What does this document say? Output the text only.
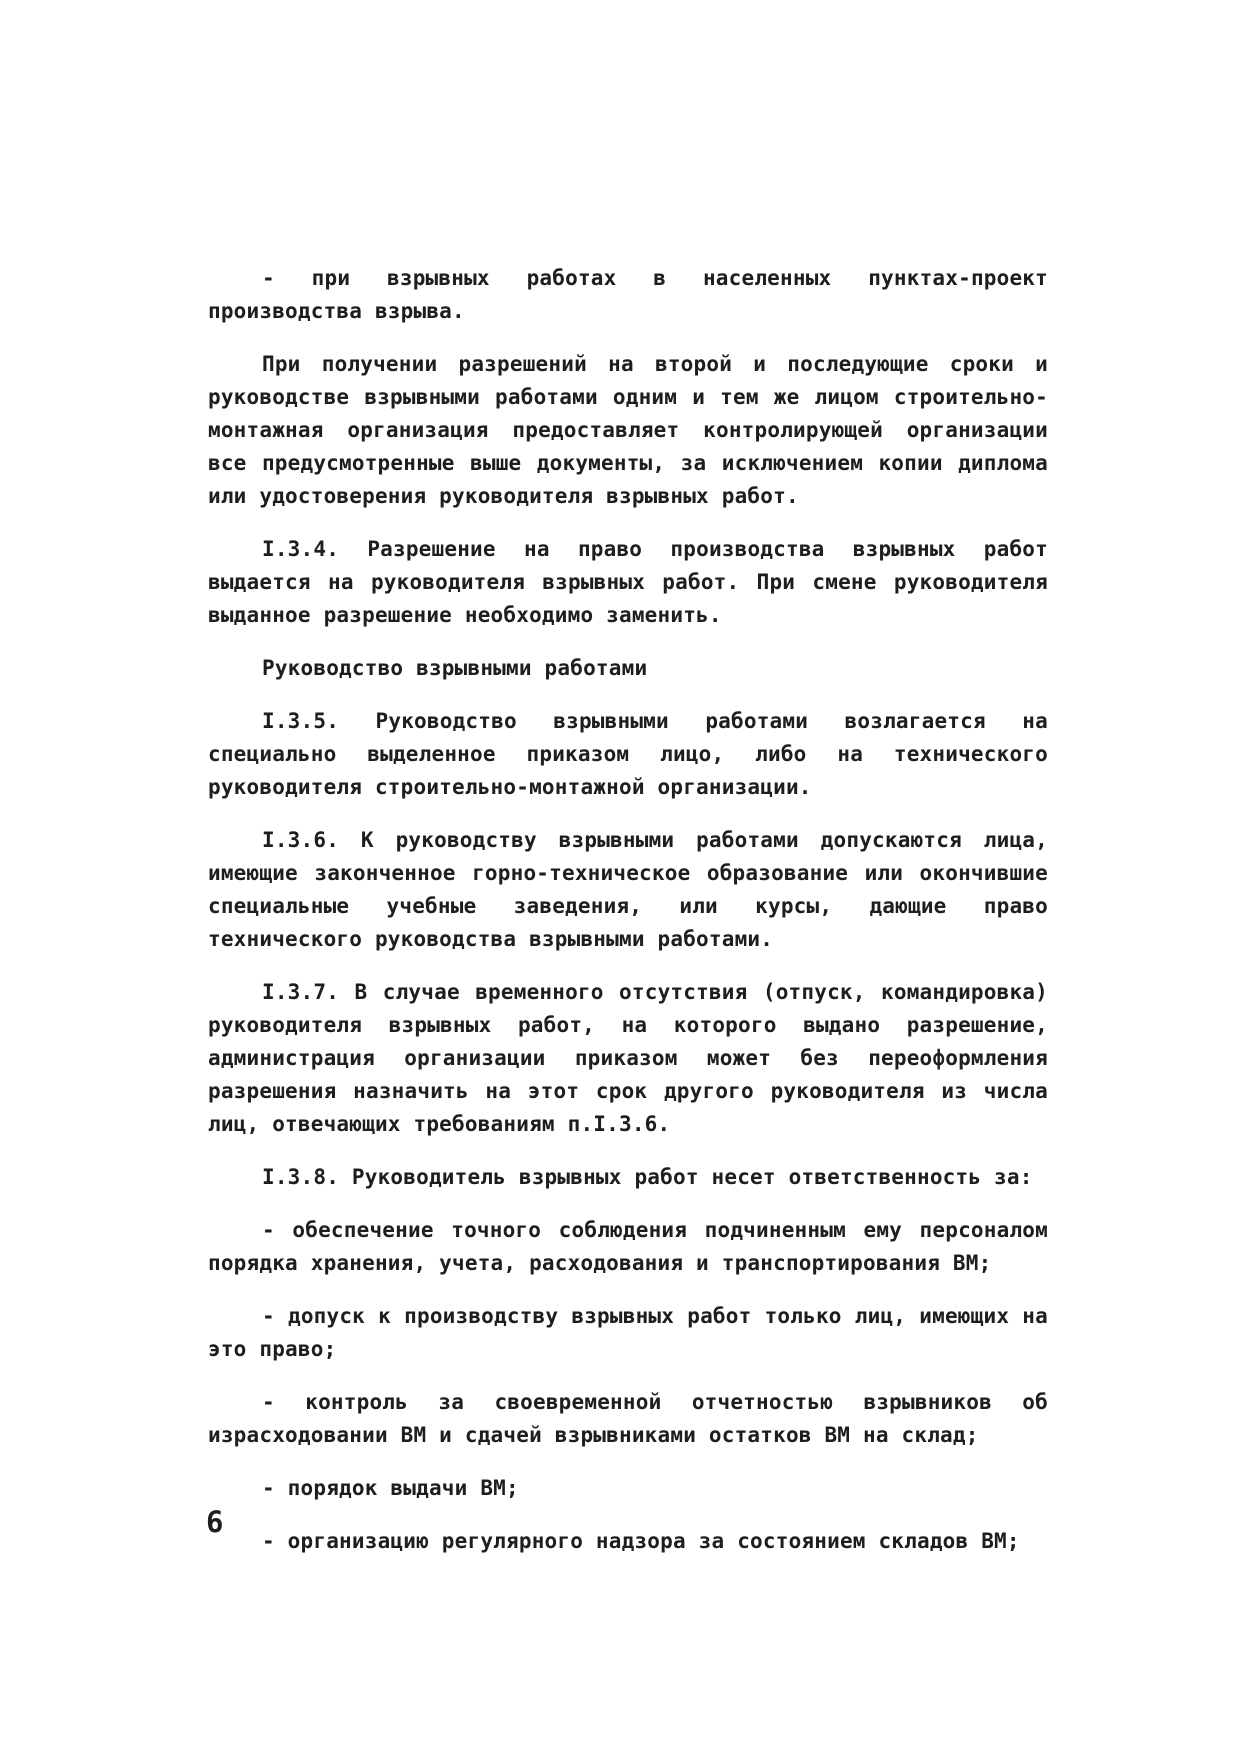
- при взрывных работах в населенных пунктах-проект производства взрыва.

При получении разрешений на второй и последующие сроки и руководстве взрывными работами одним и тем же лицом строительно-монтажная организация предоставляет контролирующей организации все предусмотренные выше документы, за исключением копии диплома или удостоверения руководителя взрывных работ.

I.3.4. Разрешение на право производства взрывных работ выдается на руководителя взрывных работ. При смене руководителя выданное разрешение необходимо заменить.

Руководство взрывными работами

I.3.5. Руководство взрывными работами возлагается на специально выделенное приказом лицо, либо на технического руководителя строительно-монтажной организации.

I.3.6. К руководству взрывными работами допускаются лица, имеющие законченное горно-техническое образование или окончившие специальные учебные заведения, или курсы, дающие право технического руководства взрывными работами.

I.3.7. В случае временного отсутствия (отпуск, командировка) руководителя взрывных работ, на которого выдано разрешение, администрация организации приказом может без переоформления разрешения назначить на этот срок другого руководителя из числа лиц, отвечающих требованиям п.I.3.6.

I.3.8. Руководитель взрывных работ несет ответственность за:

- обеспечение точного соблюдения подчиненным ему персоналом порядка хранения, учета, расходования и транспортирования ВМ;

- допуск к производству взрывных работ только лиц, имеющих на это право;

- контроль за своевременной отчетностью взрывников об израсходовании ВМ и сдачей взрывниками остатков ВМ на склад;

- порядок выдачи ВМ;

- организацию регулярного надзора за состоянием складов ВМ;

6
